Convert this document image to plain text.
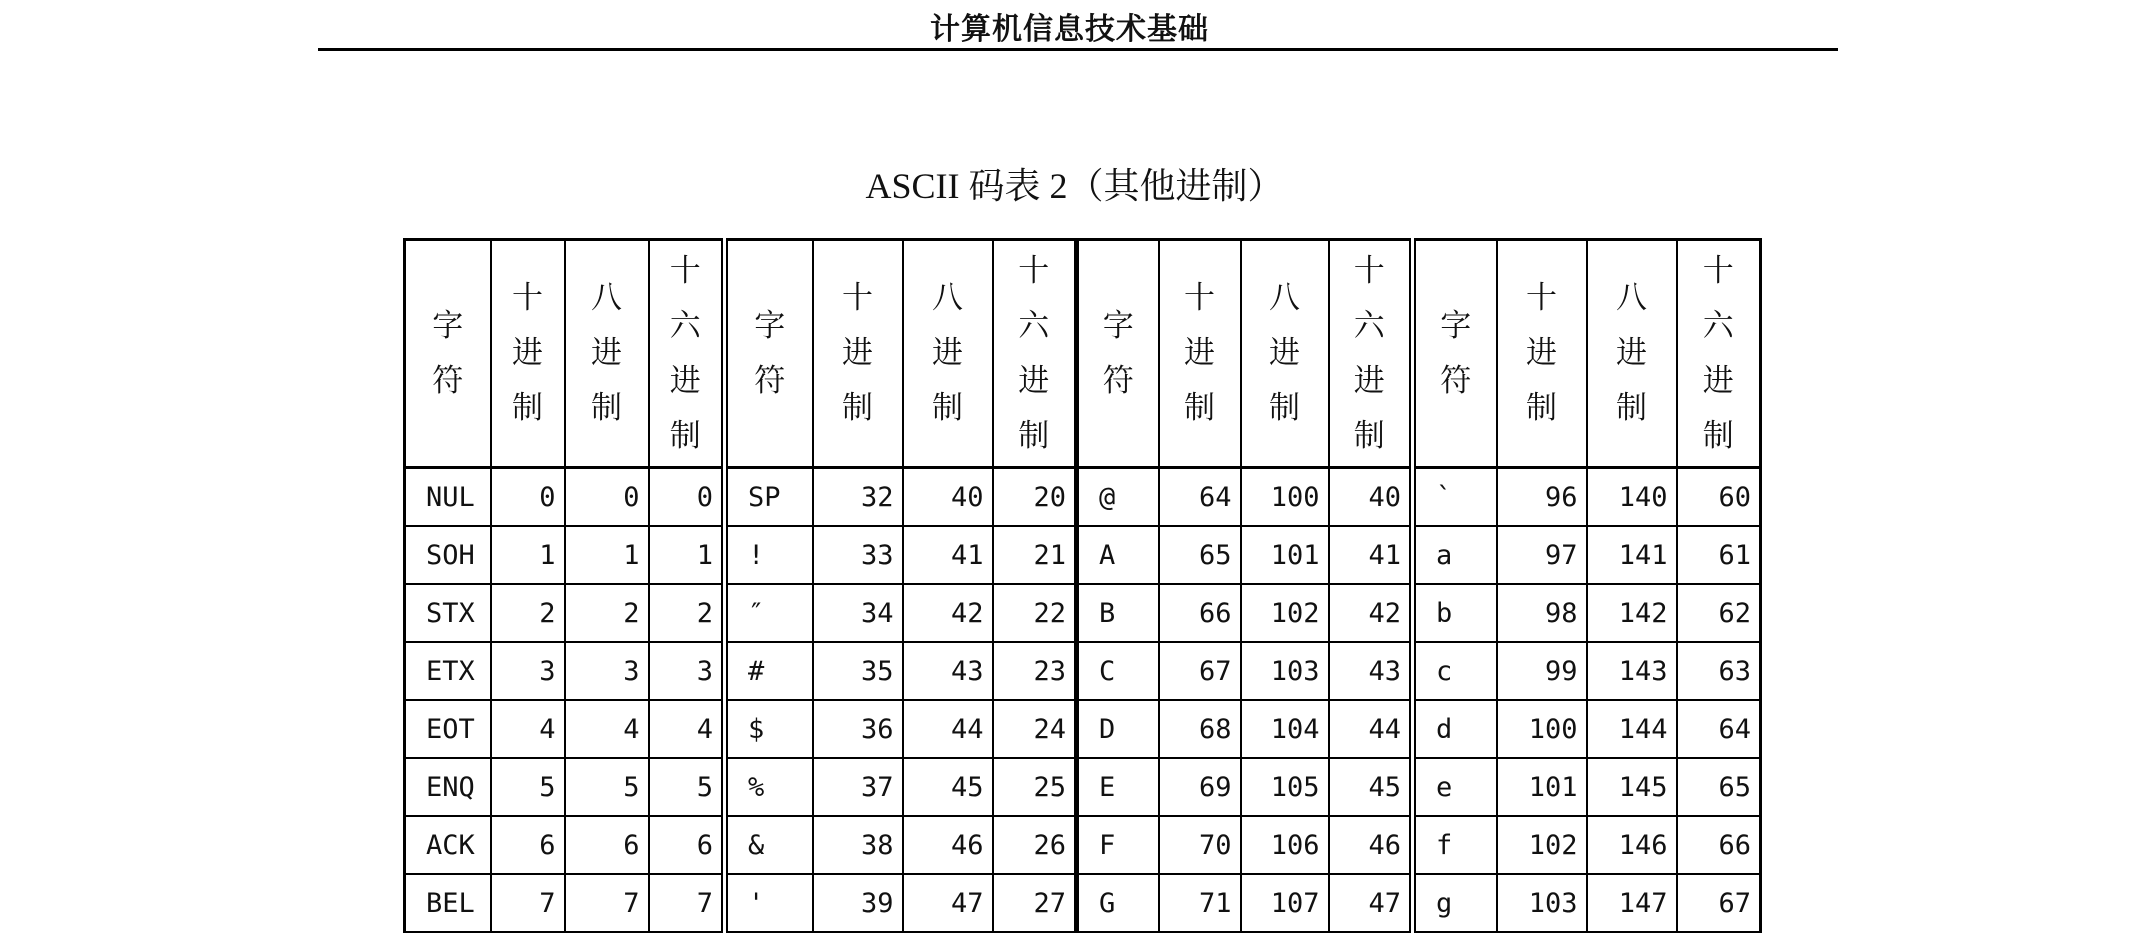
计算机信息技术基础
ASCII 码表 2（其他进制）
字符	十进制	八进制	十六进制	字符	十进制	八进制	十六进制	字符	十进制	八进制	十六进制	字符	十进制	八进制	十六进制
NUL	0	0	0	SP	32	40	20	@	64	100	40	`	96	140	60
SOH	1	1	1	!	33	41	21	A	65	101	41	a	97	141	61
STX	2	2	2	″	34	42	22	B	66	102	42	b	98	142	62
ETX	3	3	3	#	35	43	23	C	67	103	43	c	99	143	63
EOT	4	4	4	$	36	44	24	D	68	104	44	d	100	144	64
ENQ	5	5	5	%	37	45	25	E	69	105	45	e	101	145	65
ACK	6	6	6	&	38	46	26	F	70	106	46	f	102	146	66
BEL	7	7	7	'	39	47	27	G	71	107	47	g	103	147	67
